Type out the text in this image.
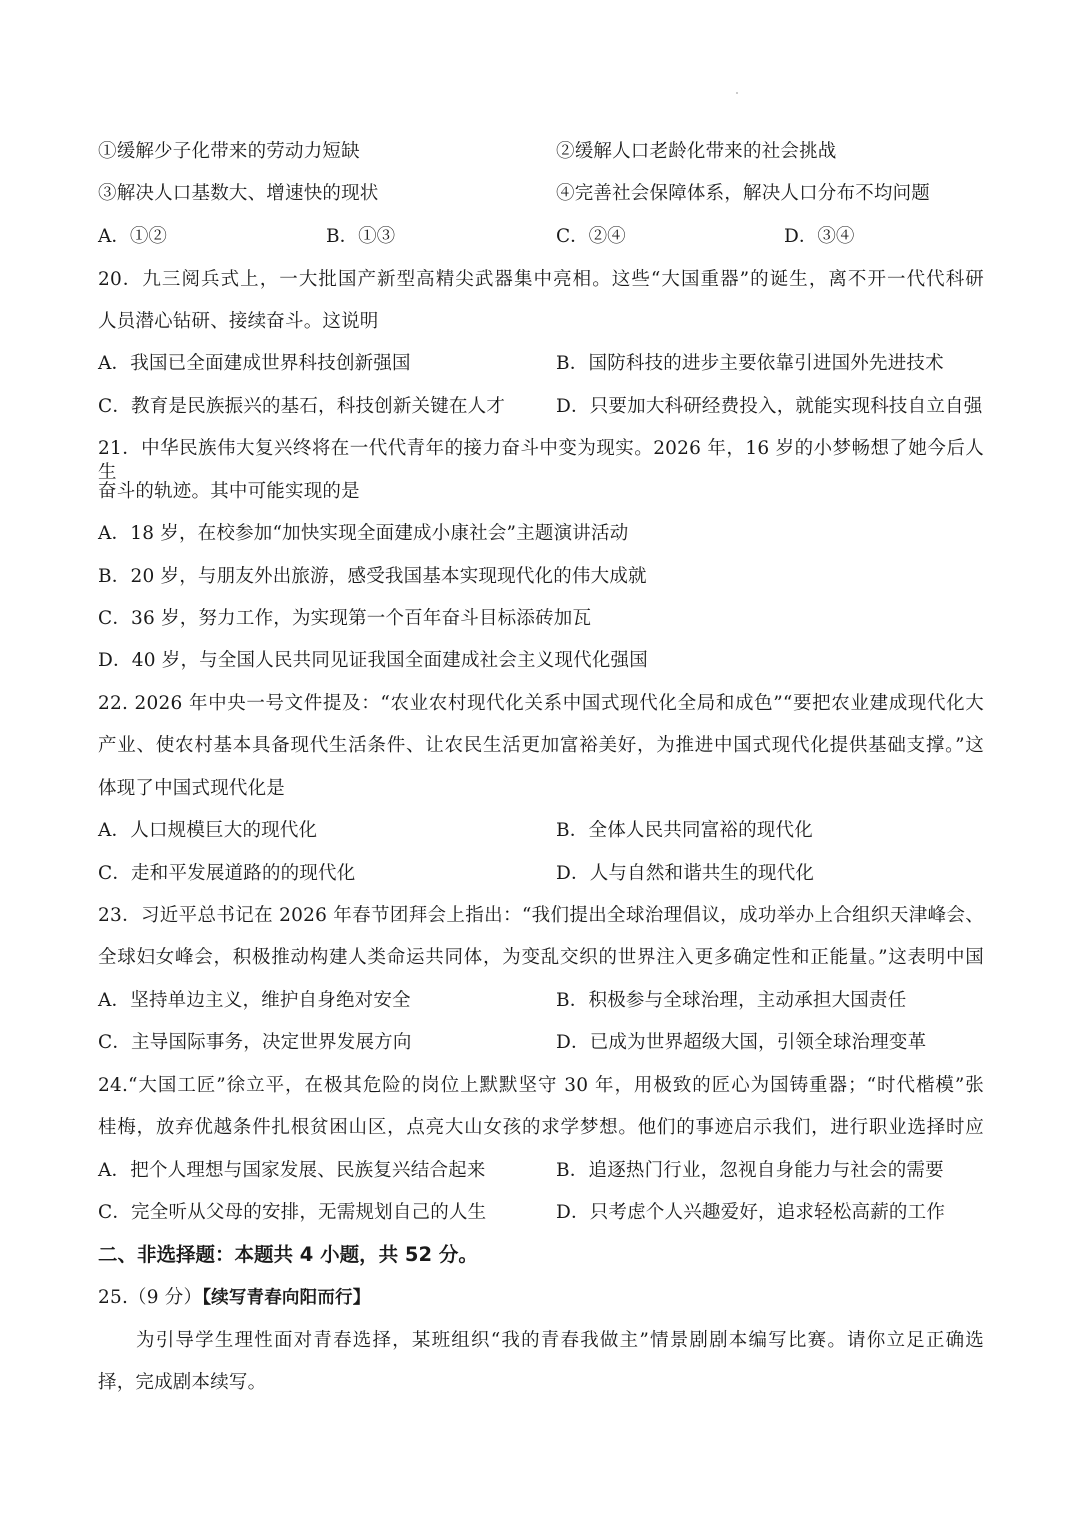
①缓解少子化带来的劳动力短缺	②缓解人口老龄化带来的社会挑战
③解决人口基数大、增速快的现状	④完善社会保障体系，解决人口分布不均问题
A．①②	B．①③	C．②④	D．③④
20．九三阅兵式上，一大批国产新型高精尖武器集中亮相。这些“大国重器”的诞生，离不开一代代科研
人员潜心钻研、接续奋斗。这说明
A．我国已全面建成世界科技创新强国	B．国防科技的进步主要依靠引进国外先进技术
C．教育是民族振兴的基石，科技创新关键在人才	D．只要加大科研经费投入，就能实现科技自立自强
21．中华民族伟大复兴终将在一代代青年的接力奋斗中变为现实。2026 年，16 岁的小梦畅想了她今后人生
奋斗的轨迹。其中可能实现的是
A．18 岁，在校参加“加快实现全面建成小康社会”主题演讲活动
B．20 岁，与朋友外出旅游，感受我国基本实现现代化的伟大成就
C．36 岁，努力工作，为实现第一个百年奋斗目标添砖加瓦
D．40 岁，与全国人民共同见证我国全面建成社会主义现代化强国
22. 2026 年中央一号文件提及：“农业农村现代化关系中国式现代化全局和成色”“要把农业建成现代化大
产业、使农村基本具备现代生活条件、让农民生活更加富裕美好，为推进中国式现代化提供基础支撑。”这
体现了中国式现代化是
A．人口规模巨大的现代化	B．全体人民共同富裕的现代化
C．走和平发展道路的的现代化	D．人与自然和谐共生的现代化
23．习近平总书记在 2026 年春节团拜会上指出：“我们提出全球治理倡议，成功举办上合组织天津峰会、
全球妇女峰会，积极推动构建人类命运共同体，为变乱交织的世界注入更多确定性和正能量。”这表明中国
A．坚持单边主义，维护自身绝对安全	B．积极参与全球治理，主动承担大国责任
C．主导国际事务，决定世界发展方向	D．已成为世界超级大国，引领全球治理变革
24.“大国工匠”徐立平，在极其危险的岗位上默默坚守 30 年，用极致的匠心为国铸重器；“时代楷模”张
桂梅，放弃优越条件扎根贫困山区，点亮大山女孩的求学梦想。他们的事迹启示我们，进行职业选择时应
A．把个人理想与国家发展、民族复兴结合起来	B．追逐热门行业，忽视自身能力与社会的需要
C．完全听从父母的安排，无需规划自己的人生	D．只考虑个人兴趣爱好，追求轻松高薪的工作
二、非选择题：本题共 4 小题，共 52 分。
25.（9 分）【续写青春向阳而行】
为引导学生理性面对青春选择，某班组织“我的青春我做主”情景剧剧本编写比赛。请你立足正确选
择，完成剧本续写。
